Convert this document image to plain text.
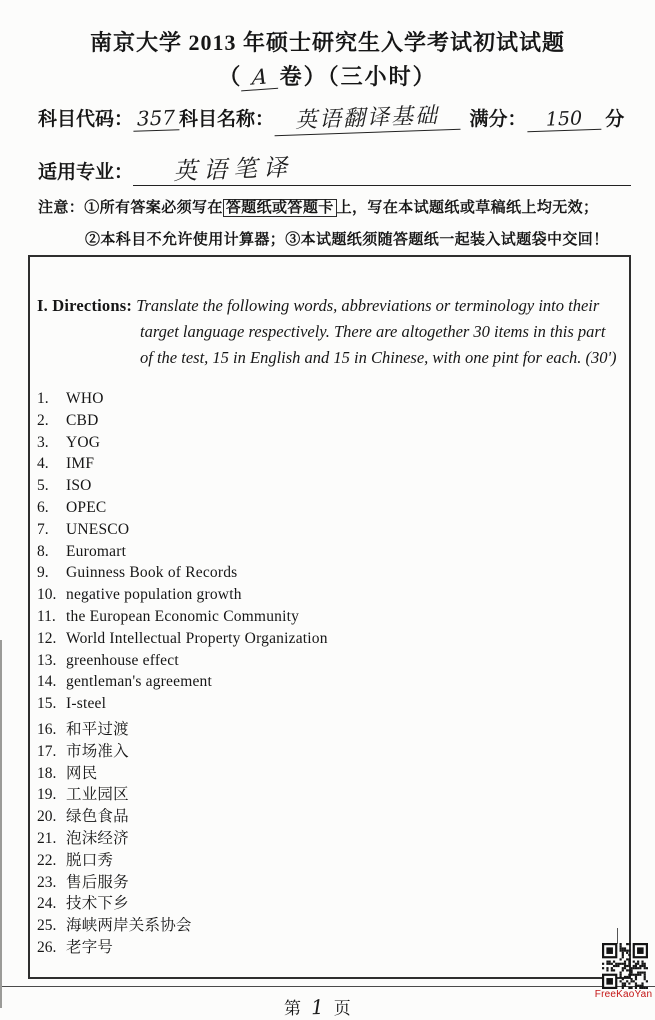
南京大学 2013 年硕士研究生入学考试初试试题
（ A 卷）（三小时）
科目代码： 357 科目名称： 英语翻译基础 满分： 150 分
适用专业： 英语笔译
注意：①所有答案必须写在 答题纸或答题卡 上，写在本试题纸或草稿纸上均无效；
②本科目不允许使用计算器；③本试题纸须随答题纸一起装入试题袋中交回！
I. Directions: Translate the following words, abbreviations or terminology into their target language respectively. There are altogether 30 items in this part of the test, 15 in English and 15 in Chinese, with one pint for each. (30')
1. WHO
2. CBD
3. YOG
4. IMF
5. ISO
6. OPEC
7. UNESCO
8. Euromart
9. Guinness Book of Records
10. negative population growth
11. the European Economic Community
12. World Intellectual Property Organization
13. greenhouse effect
14. gentleman's agreement
15. I-steel
16. 和平过渡
17. 市场准入
18. 网民
19. 工业园区
20. 绿色食品
21. 泡沫经济
22. 脱口秀
23. 售后服务
24. 技术下乡
25. 海峡两岸关系协会
26. 老字号
第 1 页
FreeKaoYan
